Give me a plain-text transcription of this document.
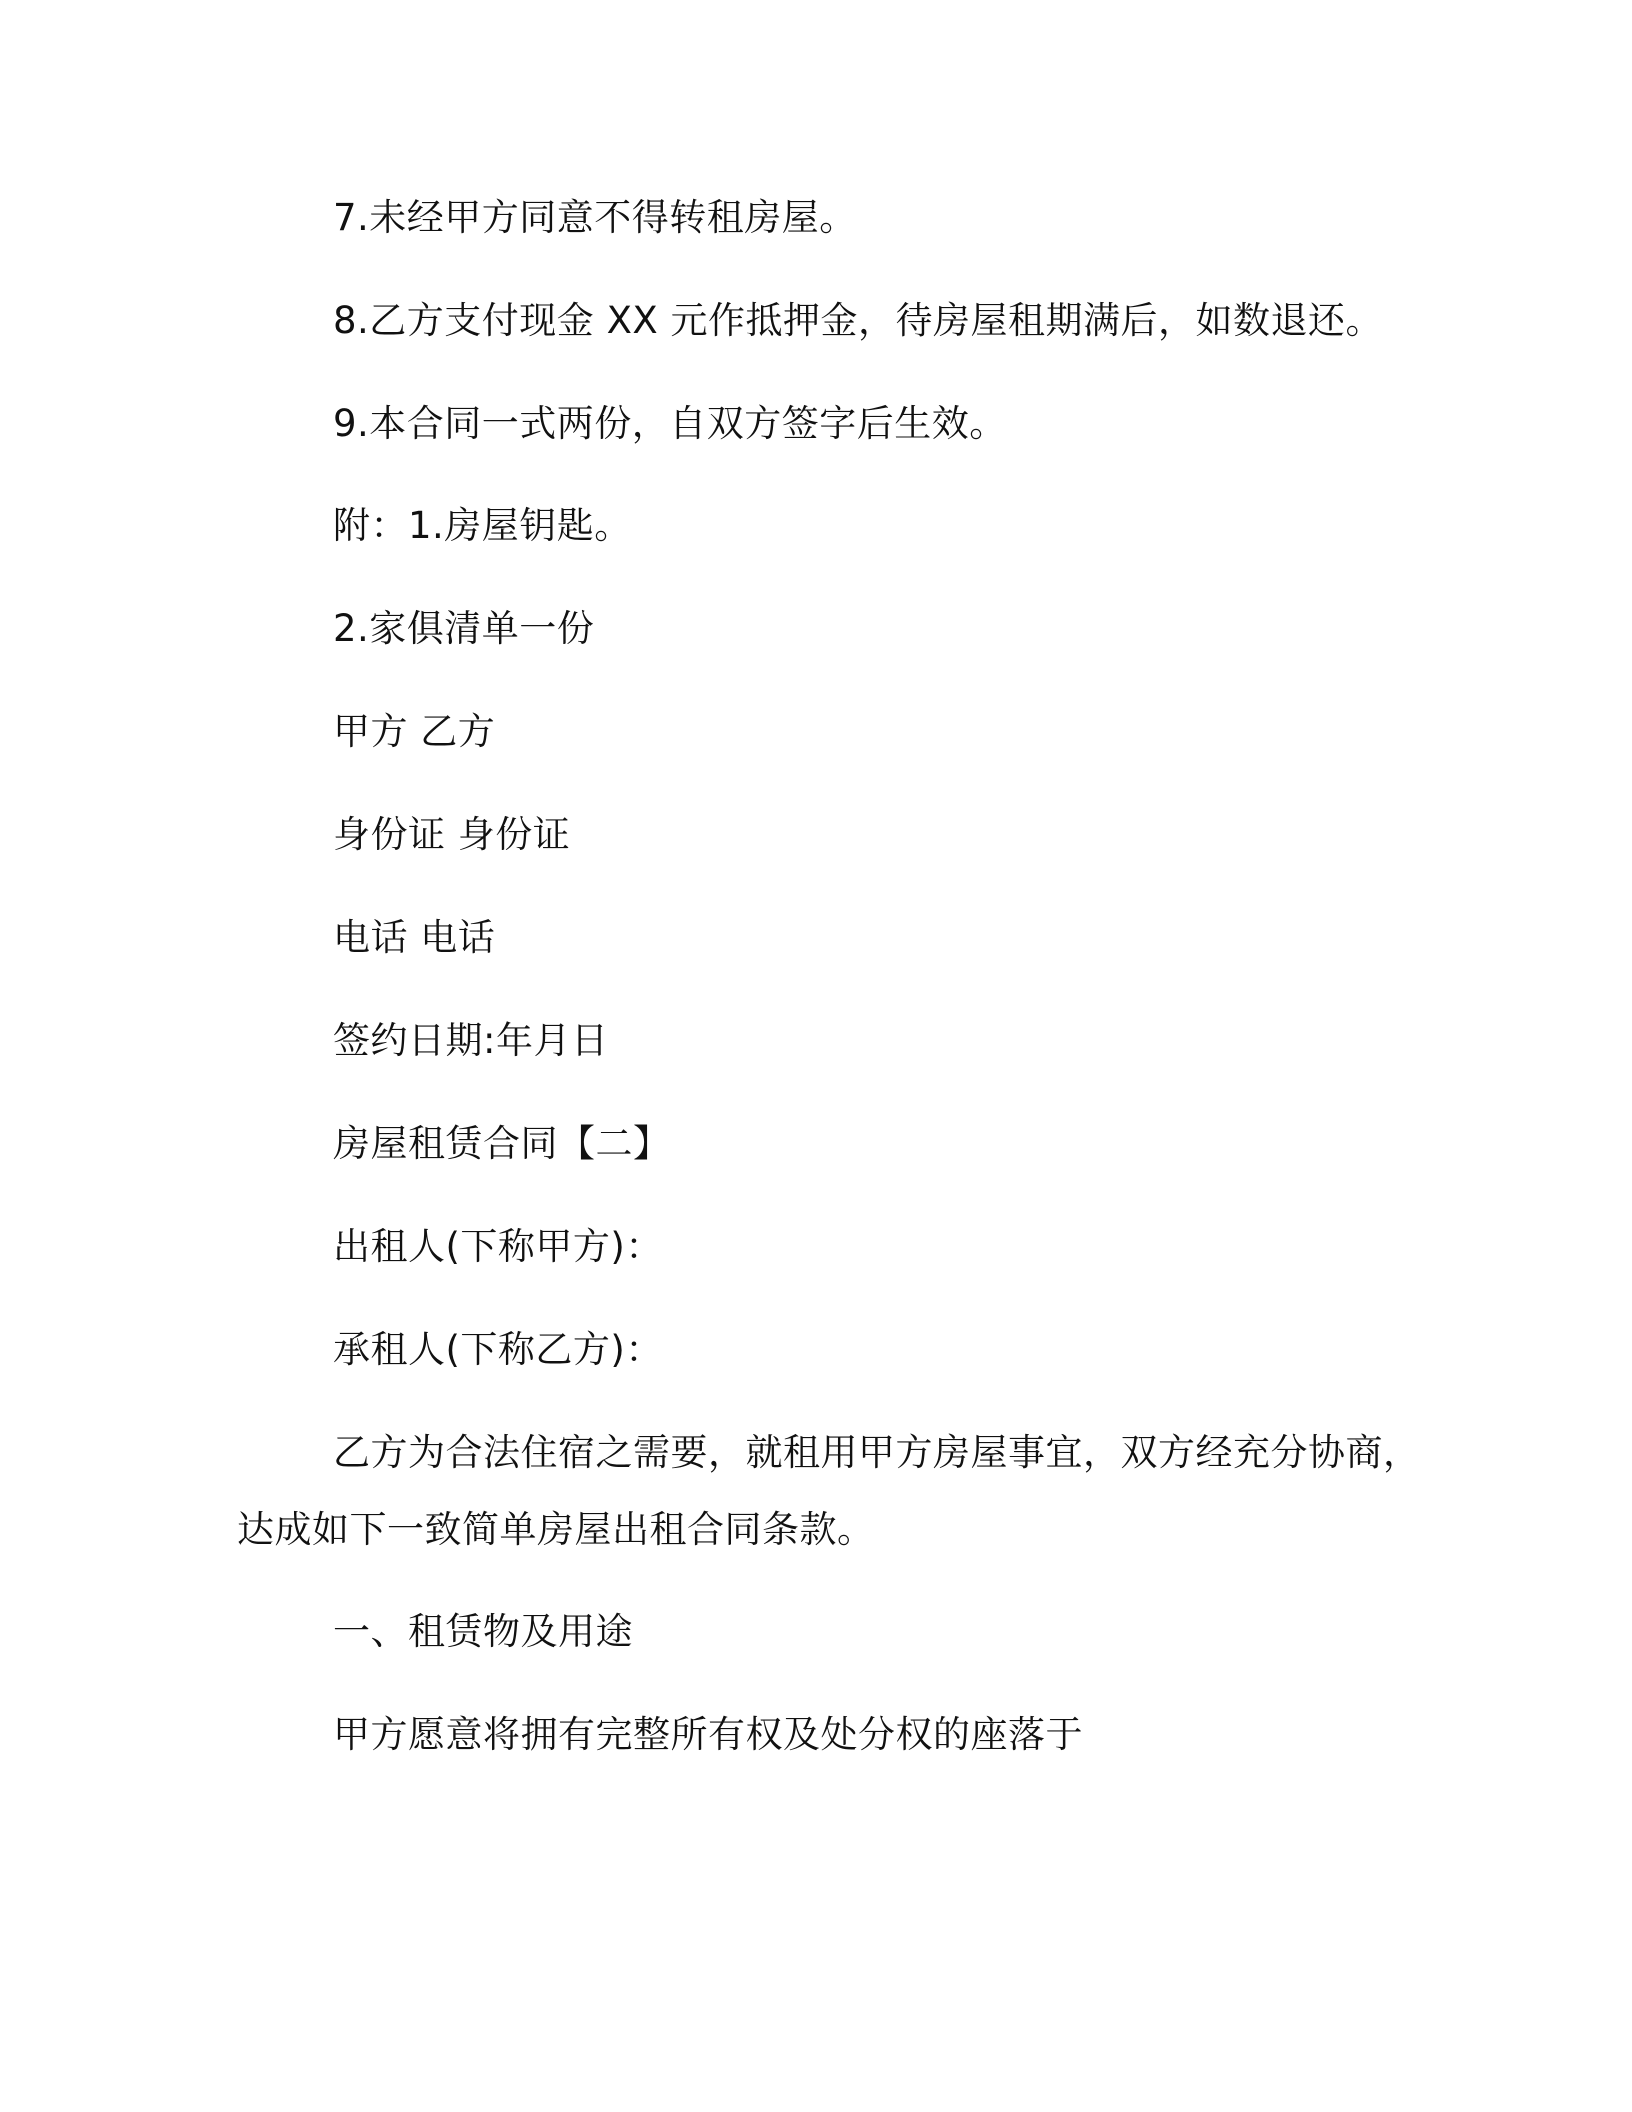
7.未经甲方同意不得转租房屋。
8.乙方支付现金 XX 元作抵押金，待房屋租期满后，如数退还。
9.本合同一式两份，自双方签字后生效。
附：1.房屋钥匙。
2.家俱清单一份
甲方 乙方
身份证 身份证
电话 电话
签约日期:年月日
房屋租赁合同【二】
出租人(下称甲方)：
承租人(下称乙方)：
乙方为合法住宿之需要，就租用甲方房屋事宜，双方经充分协商，
达成如下一致简单房屋出租合同条款。
一、租赁物及用途
甲方愿意将拥有完整所有权及处分权的座落于
